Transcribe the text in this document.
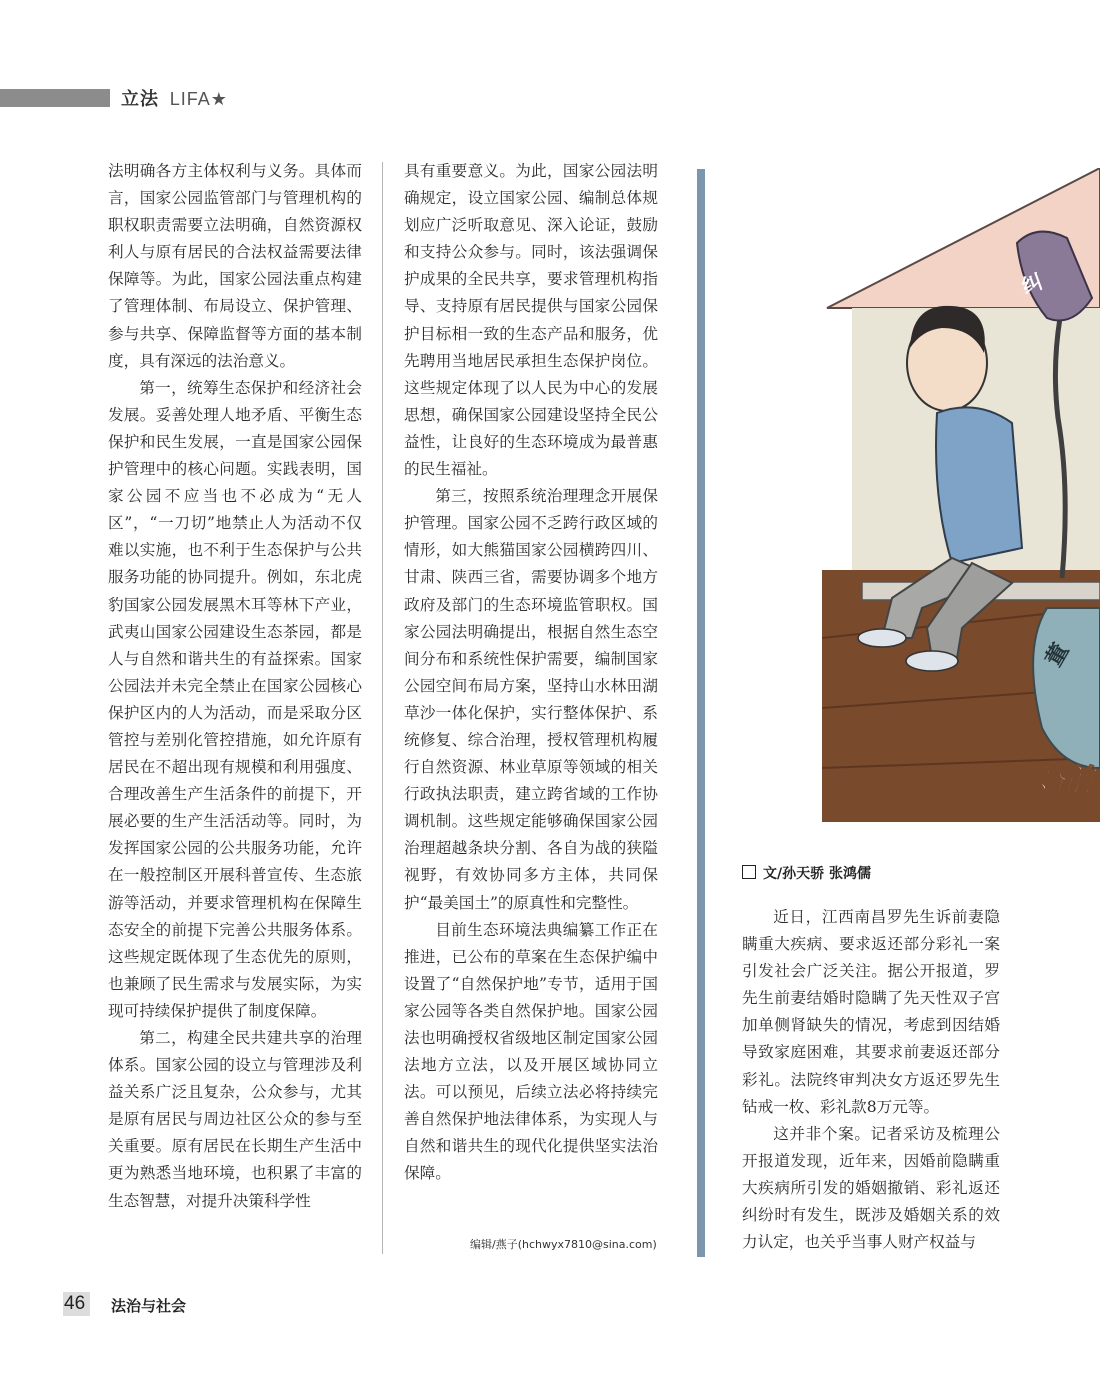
立法 LIFA★

法明确各方主体权利与义务。具体而言，国家公园监管部门与管理机构的职权职责需要立法明确，自然资源权利人与原有居民的合法权益需要法律保障等。为此，国家公园法重点构建了管理体制、布局设立、保护管理、参与共享、保障监督等方面的基本制度，具有深远的法治意义。

第一，统筹生态保护和经济社会发展。妥善处理人地矛盾、平衡生态保护和民生发展，一直是国家公园保护管理中的核心问题。实践表明，国家公园不应当也不必成为“无人区”，“一刀切”地禁止人为活动不仅难以实施，也不利于生态保护与公共服务功能的协同提升。例如，东北虎豹国家公园发展黑木耳等林下产业，武夷山国家公园建设生态茶园，都是人与自然和谐共生的有益探索。国家公园法并未完全禁止在国家公园核心保护区内的人为活动，而是采取分区管控与差别化管控措施，如允许原有居民在不超出现有规模和利用强度、合理改善生产生活条件的前提下，开展必要的生产生活活动等。同时，为发挥国家公园的公共服务功能，允许在一般控制区开展科普宣传、生态旅游等活动，并要求管理机构在保障生态安全的前提下完善公共服务体系。这些规定既体现了生态优先的原则，也兼顾了民生需求与发展实际，为实现可持续保护提供了制度保障。

第二，构建全民共建共享的治理体系。国家公园的设立与管理涉及利益关系广泛且复杂，公众参与，尤其是原有居民与周边社区公众的参与至关重要。原有居民在长期生产生活中更为熟悉当地环境，也积累了丰富的生态智慧，对提升决策科学性

具有重要意义。为此，国家公园法明确规定，设立国家公园、编制总体规划应广泛听取意见、深入论证，鼓励和支持公众参与。同时，该法强调保护成果的全民共享，要求管理机构指导、支持原有居民提供与国家公园保护目标相一致的生态产品和服务，优先聘用当地居民承担生态保护岗位。这些规定体现了以人民为中心的发展思想，确保国家公园建设坚持全民公益性，让良好的生态环境成为最普惠的民生福祉。

第三，按照系统治理理念开展保护管理。国家公园不乏跨行政区域的情形，如大熊猫国家公园横跨四川、甘肃、陕西三省，需要协调多个地方政府及部门的生态环境监管职权。国家公园法明确提出，根据自然生态空间分布和系统性保护需要，编制国家公园空间布局方案，坚持山水林田湖草沙一体化保护，实行整体保护、系统修复、综合治理，授权管理机构履行自然资源、林业草原等领域的相关行政执法职责，建立跨省域的工作协调机制。这些规定能够确保国家公园治理超越条块分割、各自为战的狭隘视野，有效协同多方主体，共同保护“最美国土”的原真性和完整性。

目前生态环境法典编纂工作正在推进，已公布的草案在生态保护编中设置了“自然保护地”专节，适用于国家公园等各类自然保护地。国家公园法也明确授权省级地区制定国家公园法地方立法，以及开展区域协同立法。可以预见，后续立法必将持续完善自然保护地法律体系，为实现人与自然和谐共生的现代化提供坚实法治保障。

编辑/燕子(hchwyx7810@sina.com)
纠
董
婚前
文/孙天骄 张鸿儒

近日，江西南昌罗先生诉前妻隐瞒重大疾病、要求返还部分彩礼一案引发社会广泛关注。据公开报道，罗先生前妻结婚时隐瞒了先天性双子宫加单侧肾缺失的情况，考虑到因结婚导致家庭困难，其要求前妻返还部分彩礼。法院终审判决女方返还罗先生钻戒一枚、彩礼款8万元等。

这并非个案。记者采访及梳理公开报道发现，近年来，因婚前隐瞒重大疾病所引发的婚姻撤销、彩礼返还纠纷时有发生，既涉及婚姻关系的效力认定，也关乎当事人财产权益与

46 法治与社会
